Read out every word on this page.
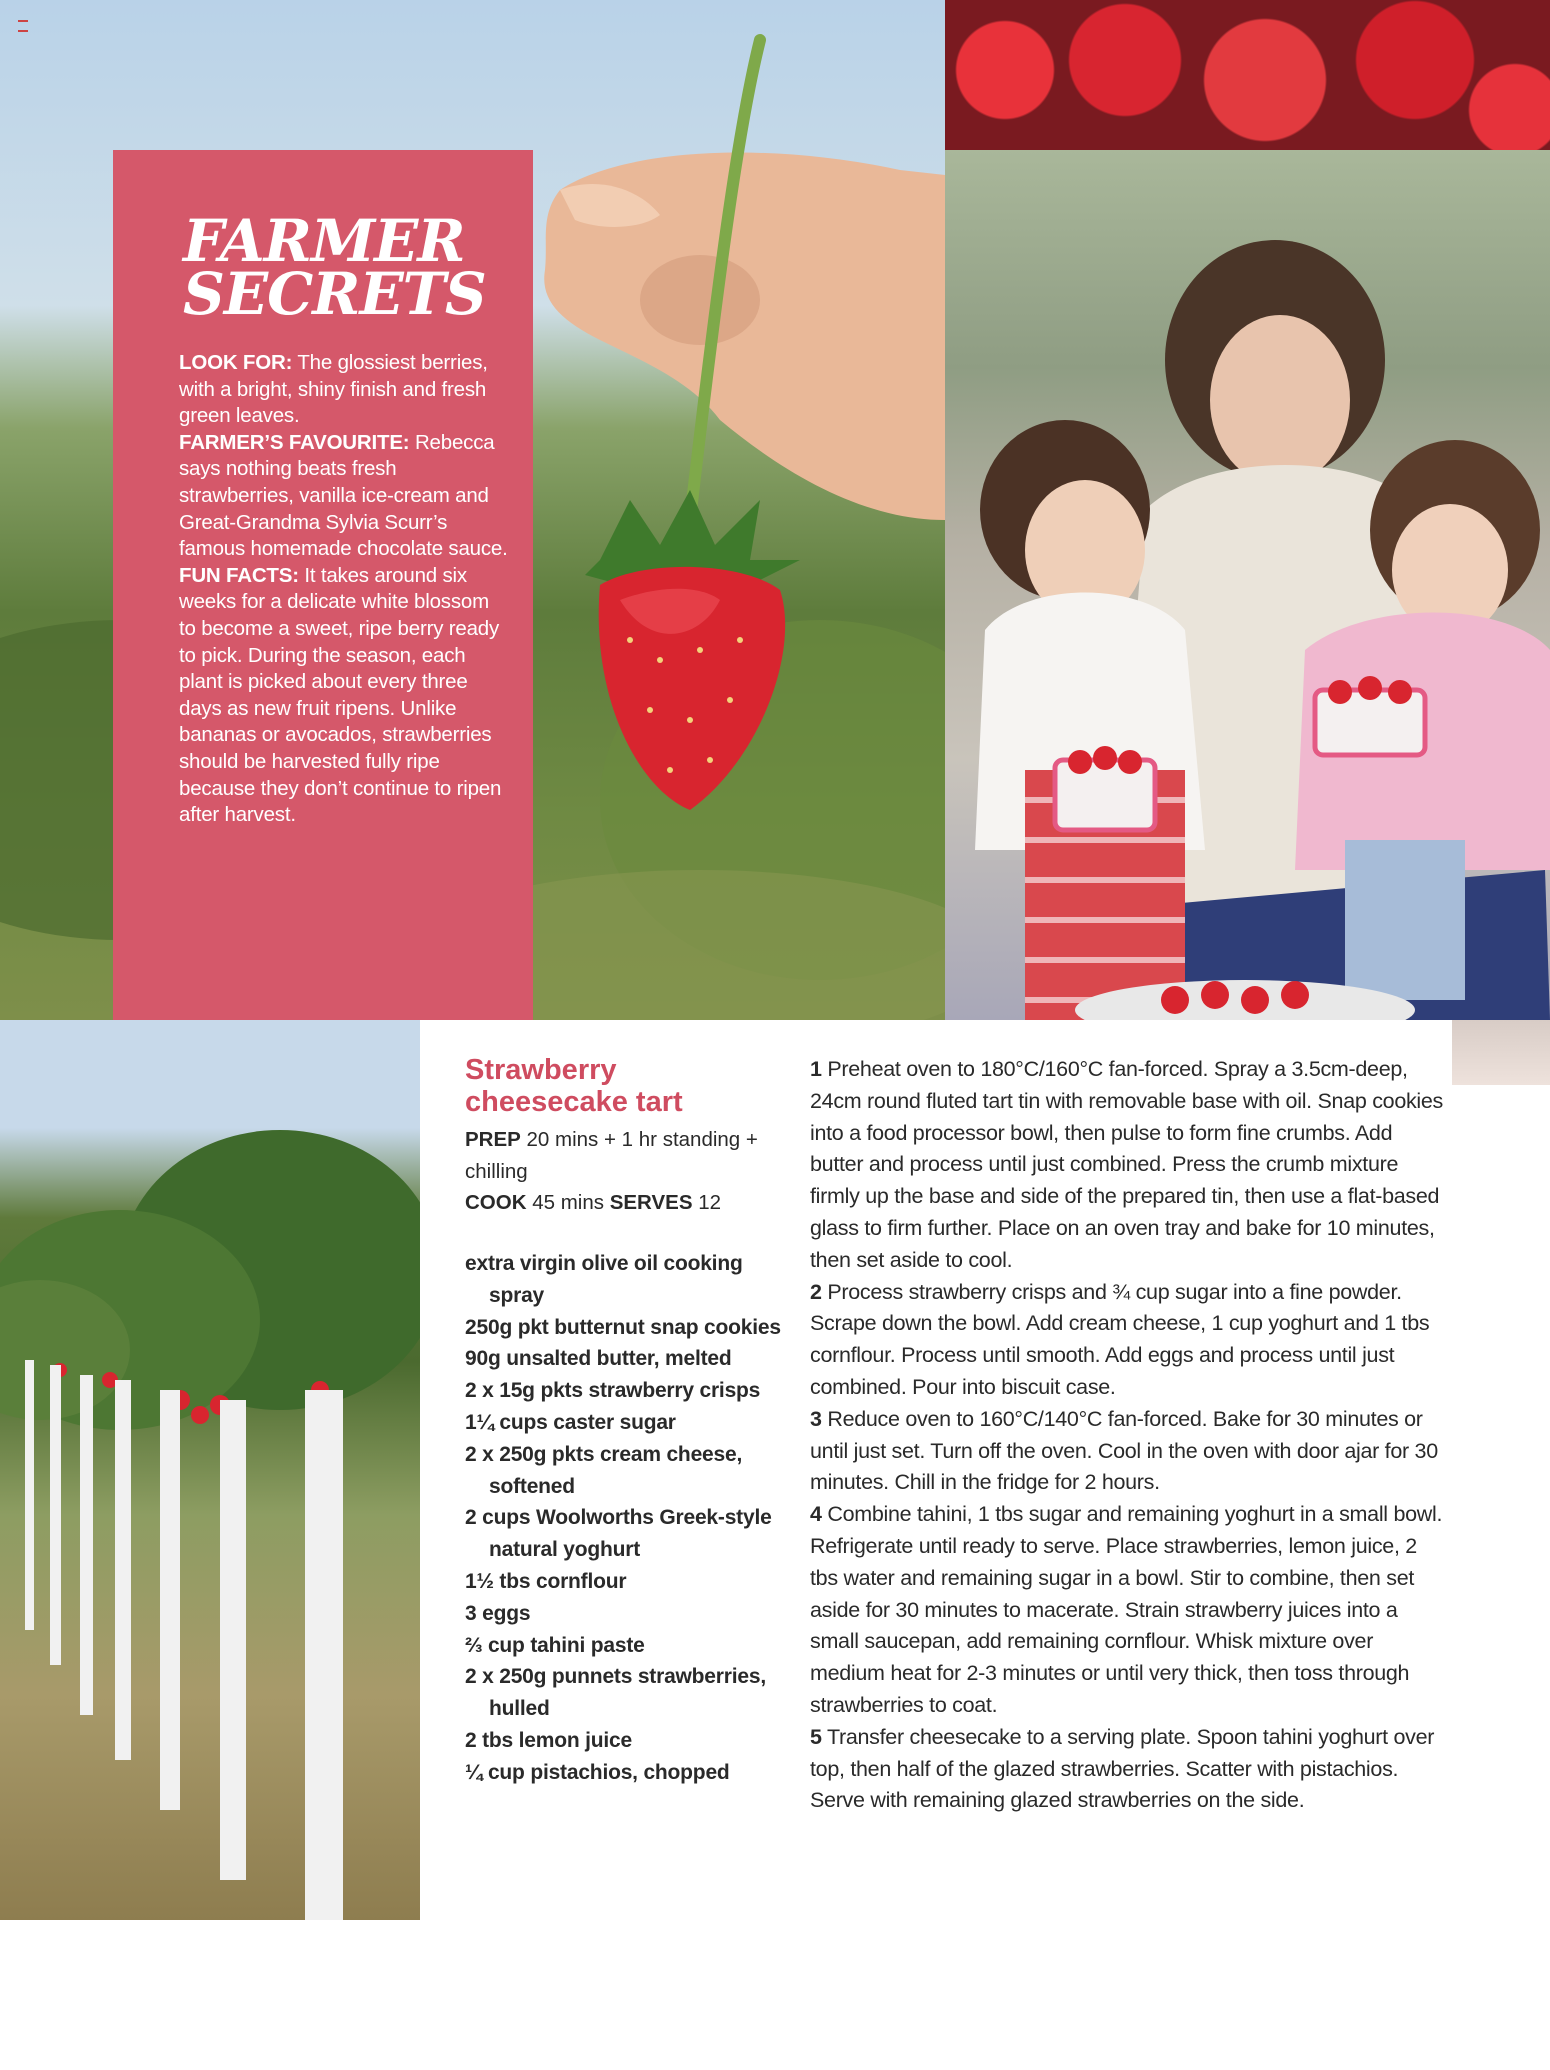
FARMER
SECRETS

LOOK FOR: The glossiest berries, with a bright, shiny finish and fresh green leaves.

FARMER’S FAVOURITE: Rebecca says nothing beats fresh strawberries, vanilla ice-cream and Great-Grandma Sylvia Scurr’s famous homemade chocolate sauce.

FUN FACTS: It takes around six weeks for a delicate white blossom to become a sweet, ripe berry ready to pick. During the season, each plant is picked about every three days as new fruit ripens. Unlike bananas or avocados, strawberries should be harvested fully ripe because they don’t continue to ripen after harvest.

Strawberry
cheesecake tart

PREP 20 mins + 1 hr standing + chilling

COOK 45 mins SERVES 12

extra virgin olive oil cooking spray
250g pkt butternut snap cookies
90g unsalted butter, melted
2 x 15g pkts strawberry crisps
1¼ cups caster sugar
2 x 250g pkts cream cheese, softened
2 cups Woolworths Greek-style natural yoghurt
1½ tbs cornflour
3 eggs
⅔ cup tahini paste
2 x 250g punnets strawberries, hulled
2 tbs lemon juice
¼ cup pistachios, chopped

1 Preheat oven to 180°C/160°C fan-forced. Spray a 3.5cm-deep, 24cm round fluted tart tin with removable base with oil. Snap cookies into a food processor bowl, then pulse to form fine crumbs. Add butter and process until just combined. Press the crumb mixture firmly up the base and side of the prepared tin, then use a flat-based glass to firm further. Place on an oven tray and bake for 10 minutes, then set aside to cool.

2 Process strawberry crisps and ¾ cup sugar into a fine powder. Scrape down the bowl. Add cream cheese, 1 cup yoghurt and 1 tbs cornflour. Process until smooth. Add eggs and process until just combined. Pour into biscuit case.

3 Reduce oven to 160°C/140°C fan-forced. Bake for 30 minutes or until just set. Turn off the oven. Cool in the oven with door ajar for 30 minutes. Chill in the fridge for 2 hours.

4 Combine tahini, 1 tbs sugar and remaining yoghurt in a small bowl. Refrigerate until ready to serve. Place strawberries, lemon juice, 2 tbs water and remaining sugar in a bowl. Stir to combine, then set aside for 30 minutes to macerate. Strain strawberry juices into a small saucepan, add remaining cornflour. Whisk mixture over medium heat for 2-3 minutes or until very thick, then toss through strawberries to coat.

5 Transfer cheesecake to a serving plate. Spoon tahini yoghurt over top, then half of the glazed strawberries. Scatter with pistachios. Serve with remaining glazed strawberries on the side.
